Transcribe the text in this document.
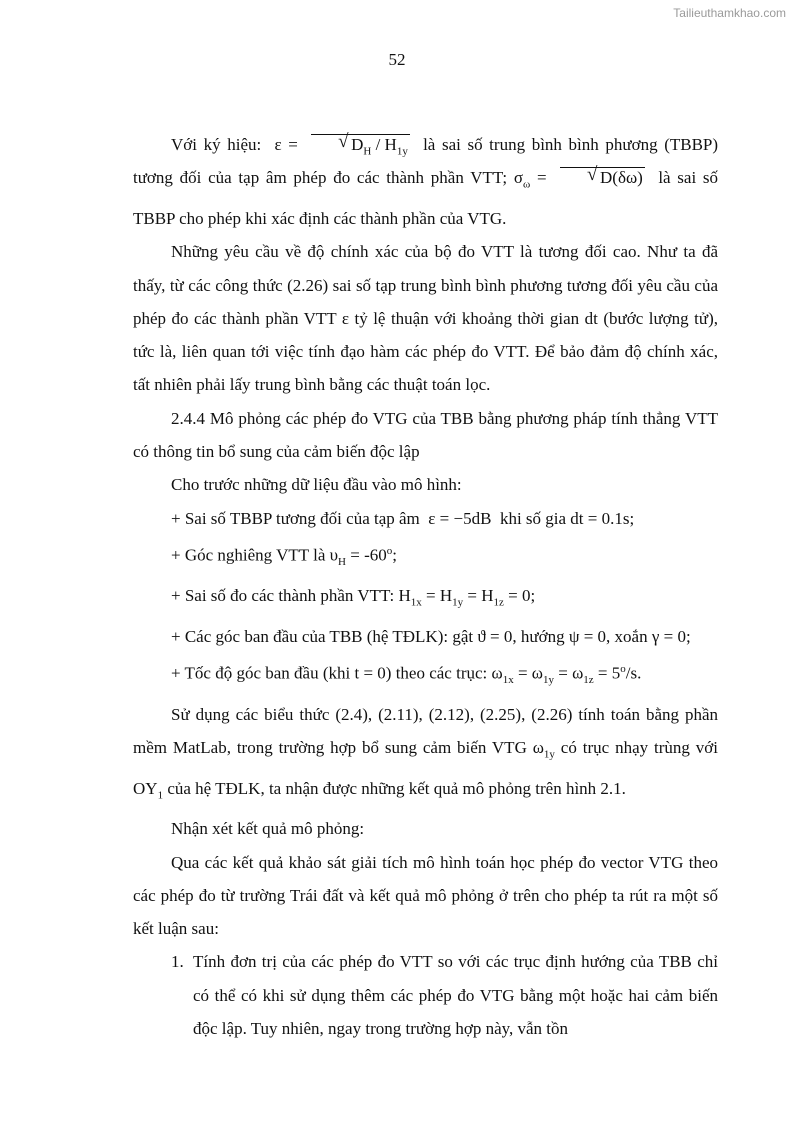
Tailieuthamkhao.com
52

Với ký hiệu: ε =	√ $D_H / H_{1y}$ là sai số trung bình bình phương (TBBP) tương đối của tạp âm phép đo các thành phần VTT; $\sigma_\omega$ =	√ D(δω) là sai số TBBP cho phép khi xác định các thành phần của VTG.

Những yêu cầu về độ chính xác của bộ đo VTT là tương đối cao. Như ta đã thấy, từ các công thức (2.26) sai số tạp trung bình bình phương tương đối yêu cầu của phép đo các thành phần VTT ε tỷ lệ thuận với khoảng thời gian dt (bước lượng tử), tức là, liên quan tới việc tính đạo hàm các phép đo VTT. Để bảo đảm độ chính xác, tất nhiên phải lấy trung bình bằng các thuật toán lọc.

2.4.4 Mô phỏng các phép đo VTG của TBB bằng phương pháp tính thẳng VTT có thông tin bổ sung của cảm biến độc lập

Cho trước những dữ liệu đầu vào mô hình:

+ Sai số TBBP tương đối của tạp âm ε = −5dB khi số gia dt = 0.1s;

+ Góc nghiêng VTT là $\upsilon_H = -60^o$;

+ Sai số đo các thành phần VTT: $H_{1x} = H_{1y} = H_{1z} = 0$;

+ Các góc ban đầu của TBB (hệ TĐLK): gật ϑ = 0, hướng ψ = 0, xoắn γ = 0;

+ Tốc độ góc ban đầu (khi t = 0) theo các trục: $\omega_{1x} = \omega_{1y} = \omega_{1z} = 5^o/s$.

Sử dụng các biểu thức (2.4), (2.11), (2.12), (2.25), (2.26) tính toán bằng phần mềm MatLab, trong trường hợp bổ sung cảm biến VTG $\omega_{1y}$ có trục nhạy trùng với $OY_1$ của hệ TĐLK, ta nhận được những kết quả mô phỏng trên hình 2.1.

Nhận xét kết quả mô phỏng:

Qua các kết quả khảo sát giải tích mô hình toán học phép đo vector VTG theo các phép đo từ trường Trái đất và kết quả mô phỏng ở trên cho phép ta rút ra một số kết luận sau:

1. Tính đơn trị của các phép đo VTT so với các trục định hướng của TBB chỉ có thể có khi sử dụng thêm các phép đo VTG bằng một hoặc hai cảm biến độc lập. Tuy nhiên, ngay trong trường hợp này, vẫn tồn
